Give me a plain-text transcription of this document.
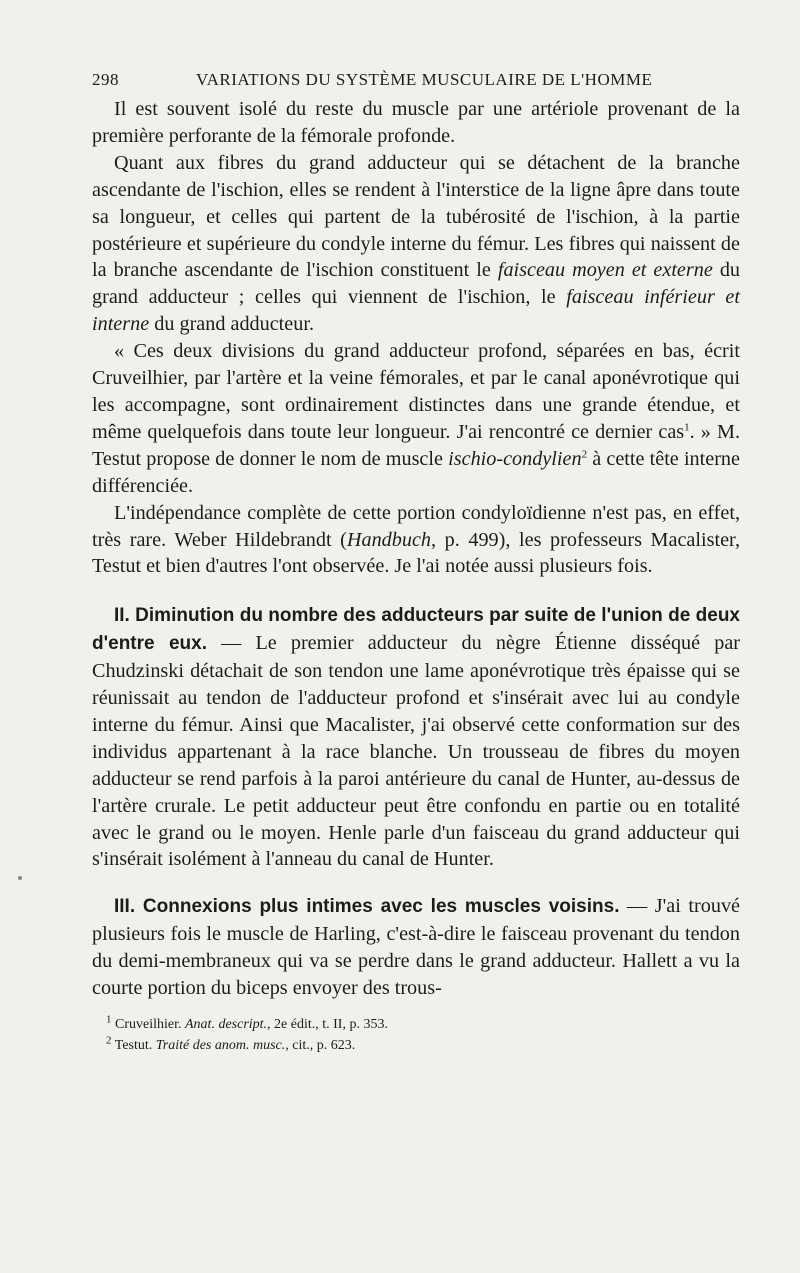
298	VARIATIONS DU SYSTÈME MUSCULAIRE DE L'HOMME

Il est souvent isolé du reste du muscle par une artériole provenant de la première perforante de la fémorale profonde.

Quant aux fibres du grand adducteur qui se détachent de la branche ascendante de l'ischion, elles se rendent à l'interstice de la ligne âpre dans toute sa longueur, et celles qui partent de la tubérosité de l'ischion, à la partie postérieure et supérieure du condyle interne du fémur. Les fibres qui naissent de la branche ascendante de l'ischion constituent le faisceau moyen et externe du grand adducteur ; celles qui viennent de l'ischion, le faisceau inférieur et interne du grand adducteur.

« Ces deux divisions du grand adducteur profond, séparées en bas, écrit Cruveilhier, par l'artère et la veine fémorales, et par le canal aponévrotique qui les accompagne, sont ordinairement distinctes dans une grande étendue, et même quelquefois dans toute leur longueur. J'ai rencontré ce dernier cas$^1$. » M. Testut propose de donner le nom de muscle ischio-condylien$^2$ à cette tête interne différenciée.

L'indépendance complète de cette portion condyloïdienne n'est pas, en effet, très rare. Weber Hildebrandt (Handbuch, p. 499), les professeurs Macalister, Testut et bien d'autres l'ont observée. Je l'ai notée aussi plusieurs fois.

II. Diminution du nombre des adducteurs par suite de l'union de deux d'entre eux. — Le premier adducteur du nègre Étienne disséqué par Chudzinski détachait de son tendon une lame aponévrotique très épaisse qui se réunissait au tendon de l'adducteur profond et s'insérait avec lui au condyle interne du fémur. Ainsi que Macalister, j'ai observé cette conformation sur des individus appartenant à la race blanche. Un trousseau de fibres du moyen adducteur se rend parfois à la paroi antérieure du canal de Hunter, au-dessus de l'artère crurale. Le petit adducteur peut être confondu en partie ou en totalité avec le grand ou le moyen. Henle parle d'un faisceau du grand adducteur qui s'insérait isolément à l'anneau du canal de Hunter.

III. Connexions plus intimes avec les muscles voisins. — J'ai trouvé plusieurs fois le muscle de Harling, c'est-à-dire le faisceau provenant du tendon du demi-membraneux qui va se perdre dans le grand adducteur. Hallett a vu la courte portion du biceps envoyer des trous-

$^1$ Cruveilhier. Anat. descript., 2e édit., t. II, p. 353.
$^2$ Testut. Traité des anom. musc., cit., p. 623.
